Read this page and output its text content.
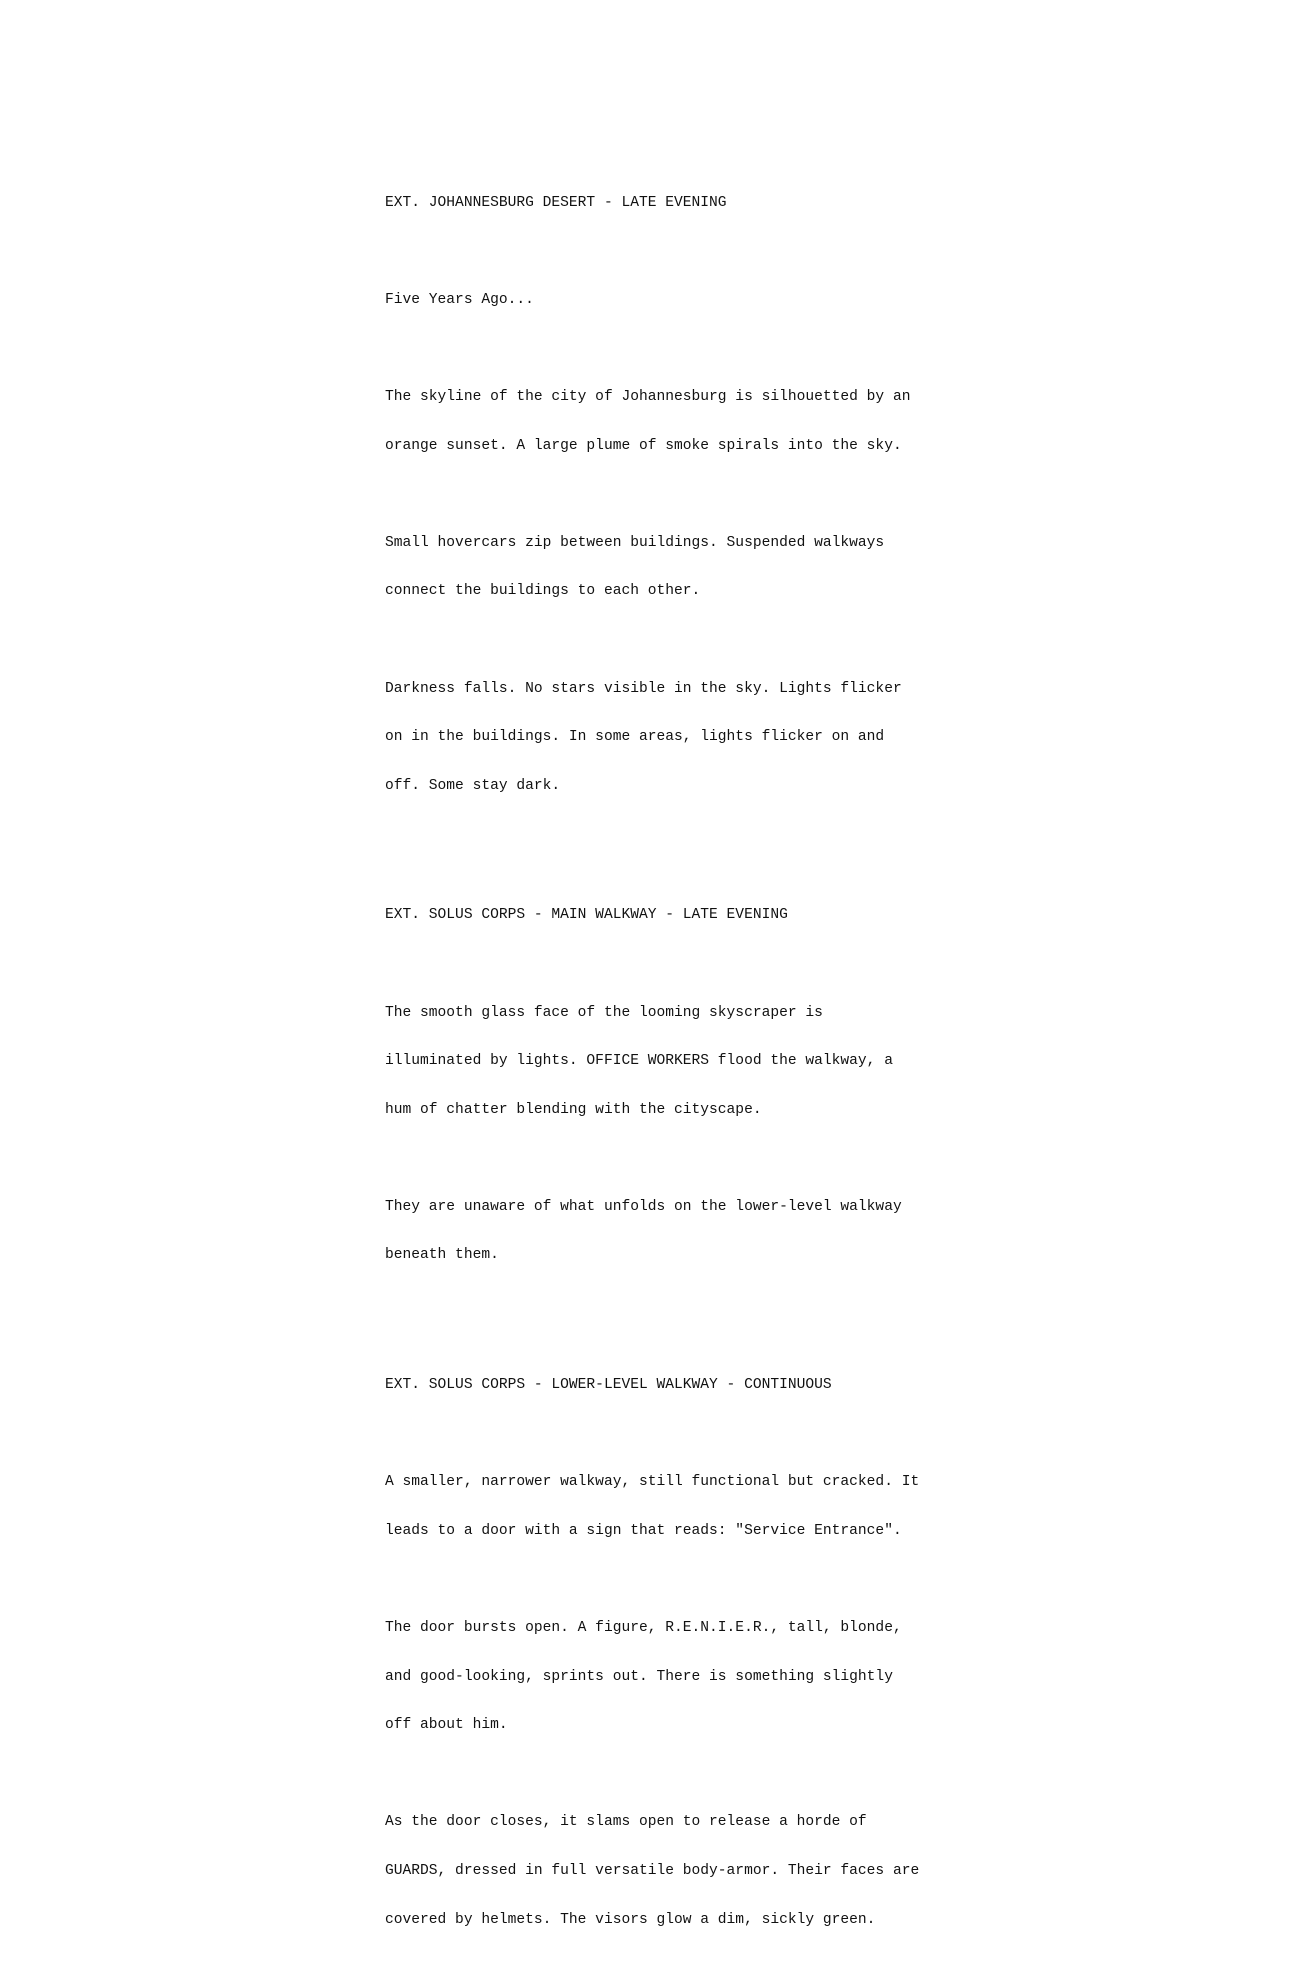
EXT. JOHANNESBURG DESERT - LATE EVENING

Five Years Ago...

The skyline of the city of Johannesburg is silhouetted by an

orange sunset. A large plume of smoke spirals into the sky.

Small hovercars zip between buildings. Suspended walkways

connect the buildings to each other.

Darkness falls. No stars visible in the sky. Lights flicker

on in the buildings. In some areas, lights flicker on and

off. Some stay dark.

EXT. SOLUS CORPS - MAIN WALKWAY - LATE EVENING

The smooth glass face of the looming skyscraper is

illuminated by lights. OFFICE WORKERS flood the walkway, a

hum of chatter blending with the cityscape.

They are unaware of what unfolds on the lower-level walkway

beneath them.

EXT. SOLUS CORPS - LOWER-LEVEL WALKWAY - CONTINUOUS

A smaller, narrower walkway, still functional but cracked. It

leads to a door with a sign that reads: "Service Entrance".

The door bursts open. A figure, R.E.N.I.E.R., tall, blonde,

and good-looking, sprints out. There is something slightly

off about him.

As the door closes, it slams open to release a horde of

GUARDS, dressed in full versatile body-armor. Their faces are

covered by helmets. The visors glow a dim, sickly green.
